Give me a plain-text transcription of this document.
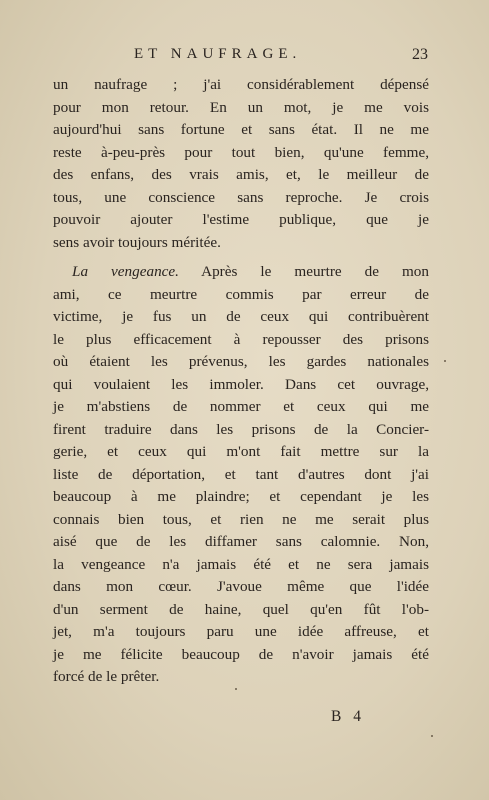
ET NAUFRAGE.	23
un naufrage ; j'ai considérablement dépensé
pour mon retour. En un mot, je me vois
aujourd'hui sans fortune et sans état. Il ne me
reste à-peu-près pour tout bien, qu'une femme,
des enfans, des vrais amis, et, le meilleur de
tous, une conscience sans reproche. Je crois
pouvoir ajouter l'estime publique, que je
sens avoir toujours méritée.
La vengeance. Après le meurtre de mon
ami, ce meurtre commis par erreur de
victime, je fus un de ceux qui contribuèrent
le plus efficacement à repousser des prisons
où étaient les prévenus, les gardes nationales
qui voulaient les immoler. Dans cet ouvrage,
je m'abstiens de nommer et ceux qui me
firent traduire dans les prisons de la Concier-
gerie, et ceux qui m'ont fait mettre sur la
liste de déportation, et tant d'autres dont j'ai
beaucoup à me plaindre; et cependant je les
connais bien tous, et rien ne me serait plus
aisé que de les diffamer sans calomnie. Non,
la vengeance n'a jamais été et ne sera jamais
dans mon cœur. J'avoue même que l'idée
d'un serment de haine, quel qu'en fût l'ob-
jet, m'a toujours paru une idée affreuse, et
je me félicite beaucoup de n'avoir jamais été
forcé de le prêter.
B 4
